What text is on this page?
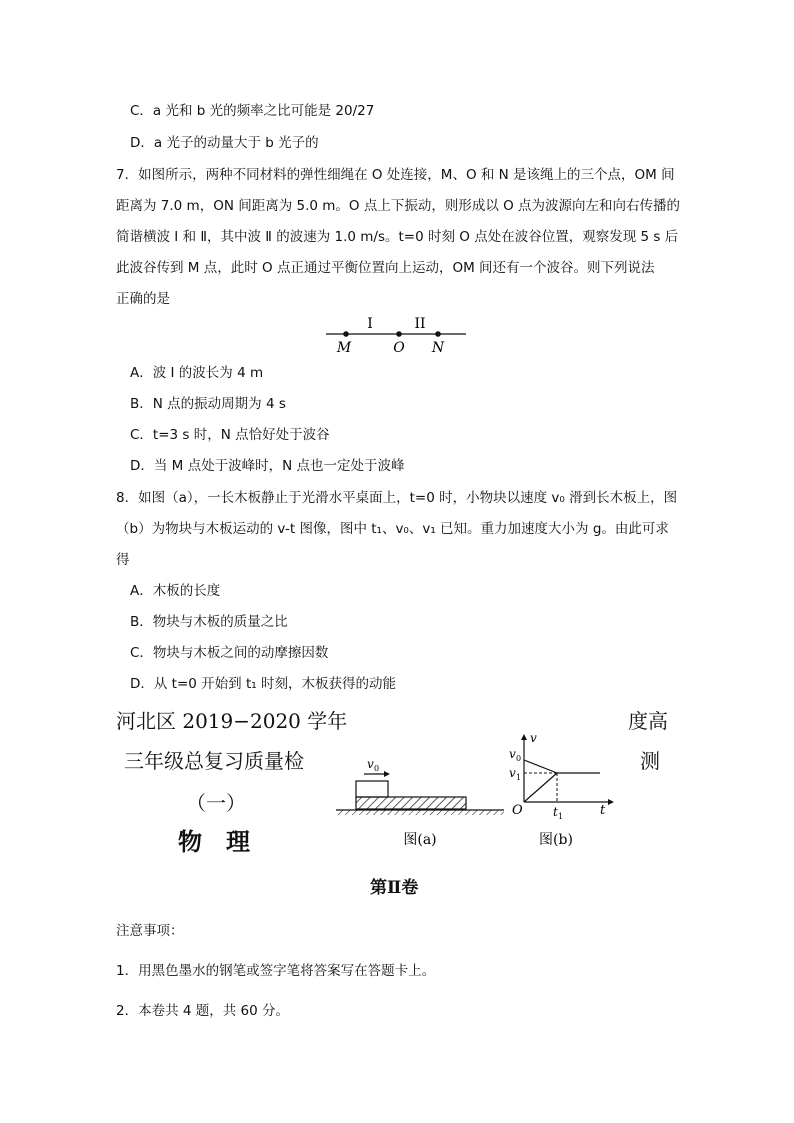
C．a 光和 b 光的频率之比可能是 20/27
D．a 光子的动量大于 b 光子的
7．如图所示，两种不同材料的弹性细绳在 O 处连接，M、O 和 N 是该绳上的三个点，OM 间
距离为 7.0 m，ON 间距离为 5.0 m。O 点上下振动，则形成以 O 点为波源向左和向右传播的
简谐横波 Ⅰ 和 Ⅱ，其中波 Ⅱ 的波速为 1.0 m/s。t=0 时刻 O 点处在波谷位置，观察发现 5 s 后
此波谷传到 M 点，此时 O 点正通过平衡位置向上运动，OM 间还有一个波谷。则下列说法
正确的是
I	II
M	O N
A．波 Ⅰ 的波长为 4 m
B．N 点的振动周期为 4 s
C．t=3 s 时，N 点恰好处于波谷
D．当 M 点处于波峰时，N 点也一定处于波峰
8．如图（a），一长木板静止于光滑水平桌面上，t=0 时，小物块以速度 v₀ 滑到长木板上，图
（b）为物块与木板运动的 v-t 图像，图中 t₁、v₀、v₁ 已知。重力加速度大小为 g。由此可求
得
A．木板的长度
B．物块与木板的质量之比
C．物块与木板之间的动摩擦因数
D．从 t=0 开始到 t₁ 时刻，木板获得的动能
河北区 2019−2020 学年	度高
三年级总复习质量检	测
（一）
物　理
v 0
图(a)
v
v 0
v 1
O	t 1	t
图(b)
第Ⅱ卷
注意事项：
1．用黑色墨水的钢笔或签字笔将答案写在答题卡上。
2．本卷共 4 题，共 60 分。
